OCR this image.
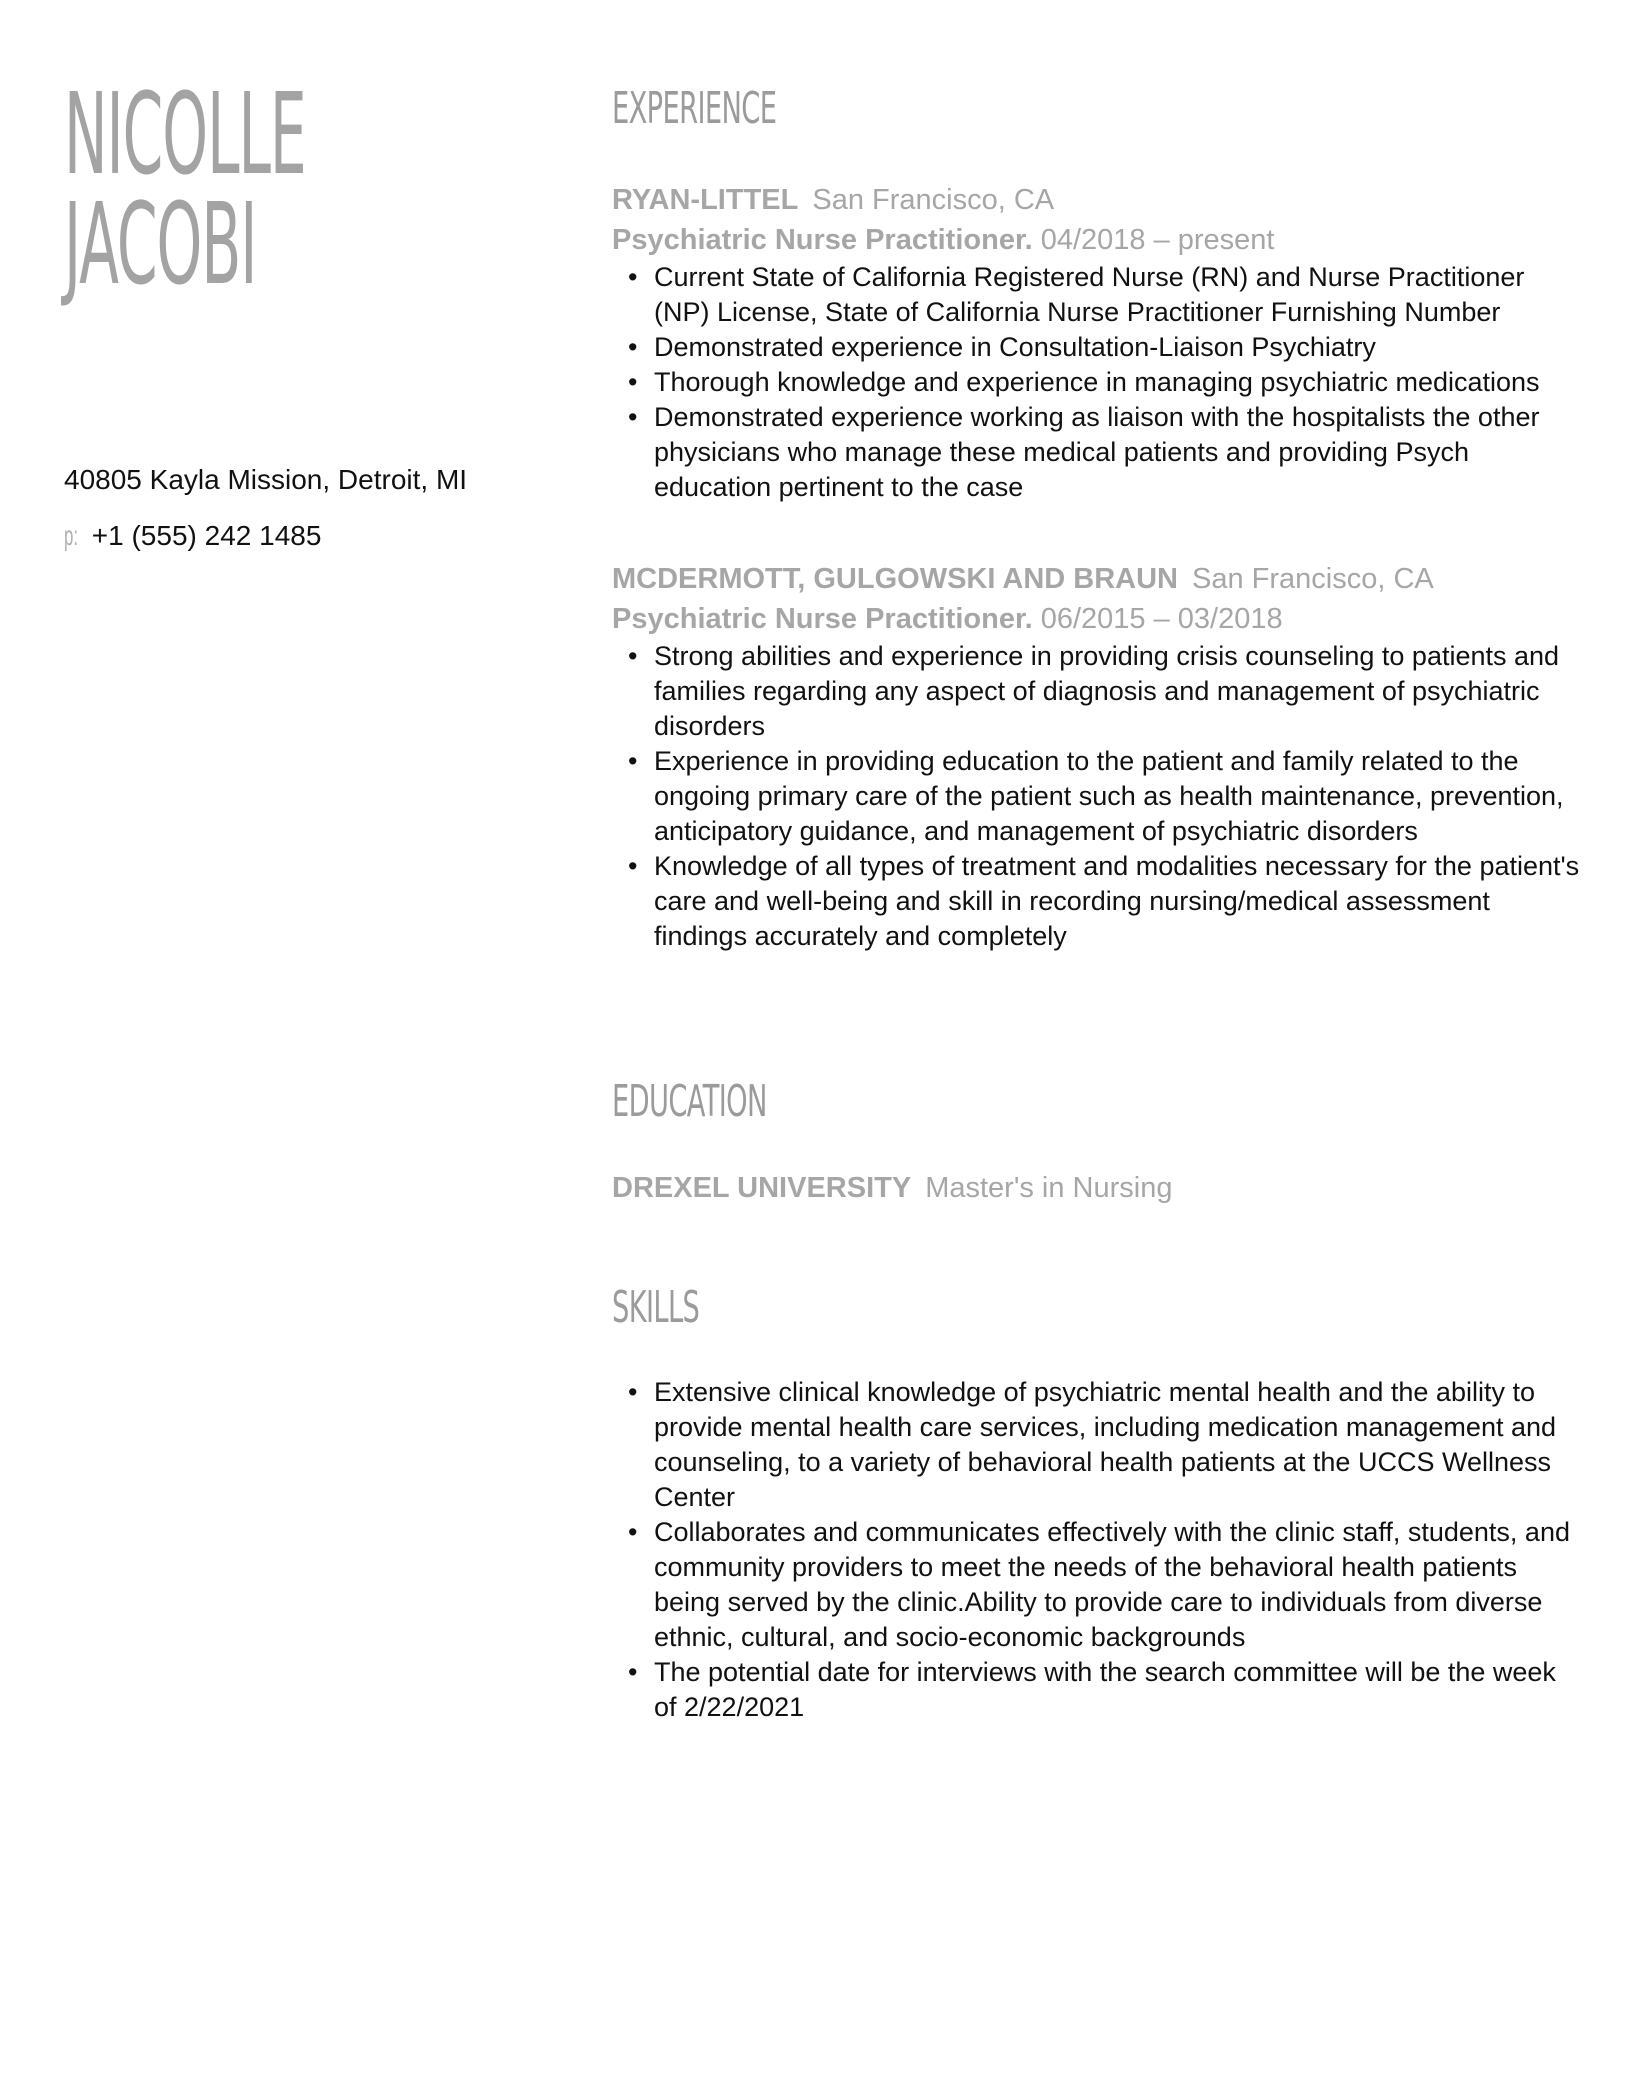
NICOLLE
JACOBI
40805 Kayla Mission, Detroit, MI
p: +1 (555) 242 1485
EXPERIENCE
RYAN-LITTEL San Francisco, CA
Psychiatric Nurse Practitioner. 04/2018 – present
• Current State of California Registered Nurse (RN) and Nurse Practitioner (NP) License, State of California Nurse Practitioner Furnishing Number
• Demonstrated experience in Consultation-Liaison Psychiatry
• Thorough knowledge and experience in managing psychiatric medications
• Demonstrated experience working as liaison with the hospitalists the other physicians who manage these medical patients and providing Psych education pertinent to the case
MCDERMOTT, GULGOWSKI AND BRAUN San Francisco, CA
Psychiatric Nurse Practitioner. 06/2015 – 03/2018
• Strong abilities and experience in providing crisis counseling to patients and families regarding any aspect of diagnosis and management of psychiatric disorders
• Experience in providing education to the patient and family related to the ongoing primary care of the patient such as health maintenance, prevention, anticipatory guidance, and management of psychiatric disorders
• Knowledge of all types of treatment and modalities necessary for the patient's care and well-being and skill in recording nursing/medical assessment findings accurately and completely
EDUCATION
DREXEL UNIVERSITY Master's in Nursing
SKILLS
• Extensive clinical knowledge of psychiatric mental health and the ability to provide mental health care services, including medication management and counseling, to a variety of behavioral health patients at the UCCS Wellness Center
• Collaborates and communicates effectively with the clinic staff, students, and community providers to meet the needs of the behavioral health patients being served by the clinic.Ability to provide care to individuals from diverse ethnic, cultural, and socio-economic backgrounds
• The potential date for interviews with the search committee will be the week of 2/22/2021
